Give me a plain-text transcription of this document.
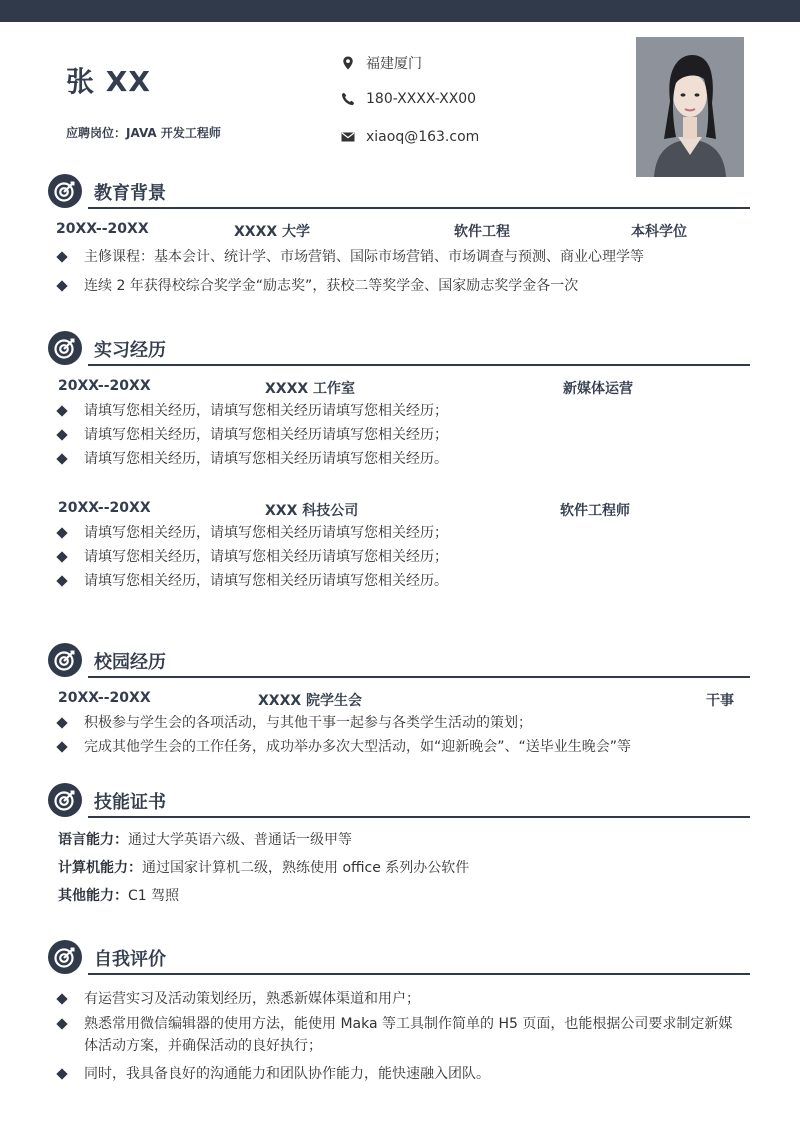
张 XX
应聘岗位：JAVA 开发工程师
福建厦门
180-XXXX-XX00
xiaoq@163.com
教育背景
20XX--20XX	XXXX 大学	软件工程	本科学位
主修课程：基本会计、统计学、市场营销、国际市场营销、市场调查与预测、商业心理学等
连续 2 年获得校综合奖学金“励志奖”，获校二等奖学金、国家励志奖学金各一次
实习经历
20XX--20XX	XXXX 工作室	新媒体运营
请填写您相关经历，请填写您相关经历请填写您相关经历；
请填写您相关经历，请填写您相关经历请填写您相关经历；
请填写您相关经历，请填写您相关经历请填写您相关经历。
20XX--20XX	XXX 科技公司	软件工程师
请填写您相关经历，请填写您相关经历请填写您相关经历；
请填写您相关经历，请填写您相关经历请填写您相关经历；
请填写您相关经历，请填写您相关经历请填写您相关经历。
校园经历
20XX--20XX	XXXX 院学生会	干事
积极参与学生会的各项活动，与其他干事一起参与各类学生活动的策划；
完成其他学生会的工作任务，成功举办多次大型活动，如“迎新晚会”、“送毕业生晚会”等
技能证书
语言能力：通过大学英语六级、普通话一级甲等
计算机能力：通过国家计算机二级，熟练使用 office 系列办公软件
其他能力：C1 驾照
自我评价
有运营实习及活动策划经历，熟悉新媒体渠道和用户；
熟悉常用微信编辑器的使用方法，能使用 Maka 等工具制作简单的 H5 页面，也能根据公司要求制定新媒体活动方案，并确保活动的良好执行；
同时，我具备良好的沟通能力和团队协作能力，能快速融入团队。
